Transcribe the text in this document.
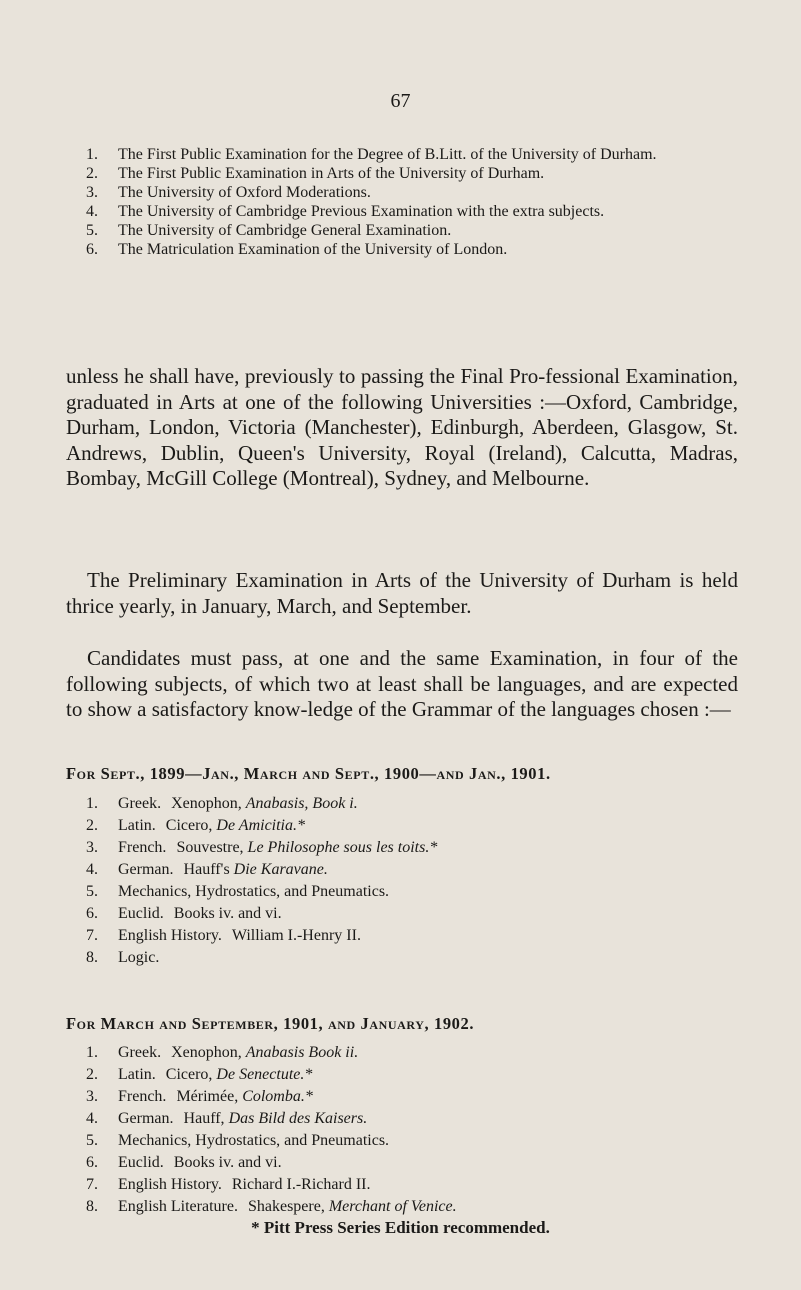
67
1.	The First Public Examination for the Degree of B.Litt. of the University of Durham.
2.	The First Public Examination in Arts of the University of Durham.
3.	The University of Oxford Moderations.
4.	The University of Cambridge Previous Examination with the extra subjects.
5.	The University of Cambridge General Examination.
6.	The Matriculation Examination of the University of London.

unless he shall have, previously to passing the Final Pro-fessional Examination, graduated in Arts at one of the following Universities :—Oxford, Cambridge, Durham, London, Victoria (Manchester), Edinburgh, Aberdeen, Glasgow, St. Andrews, Dublin, Queen's University, Royal (Ireland), Calcutta, Madras, Bombay, McGill College (Montreal), Sydney, and Melbourne.

The Preliminary Examination in Arts of the University of Durham is held thrice yearly, in January, March, and September.

Candidates must pass, at one and the same Examination, in four of the following subjects, of which two at least shall be languages, and are expected to show a satisfactory know-ledge of the Grammar of the languages chosen :—

For Sept., 1899—Jan., March and Sept., 1900—and Jan., 1901.
1.	Greek. Xenophon,
Anabasis, Book i.
2.	Latin. Cicero,
De Amicitia.*
3.	French. Souvestre,
Le Philosophe sous les toits.*
4.	German. Hauff's
Die Karavane.
5.	Mechanics, Hydrostatics, and Pneumatics.
6.	Euclid. Books iv. and vi.
7.	English History. William I.-Henry II.
8.	Logic.
For March and September, 1901, and January, 1902.
1.	Greek. Xenophon,
Anabasis Book ii.
2.	Latin. Cicero,
De Senectute.*
3.	French. Mérimée,
Colomba.*
4.	German. Hauff,
Das Bild des Kaisers.
5.	Mechanics, Hydrostatics, and Pneumatics.
6.	Euclid. Books iv. and vi.
7.	English History. Richard I.-Richard II.
8.	English Literature. Shakespere,
Merchant of Venice.
* Pitt Press Series Edition recommended.
